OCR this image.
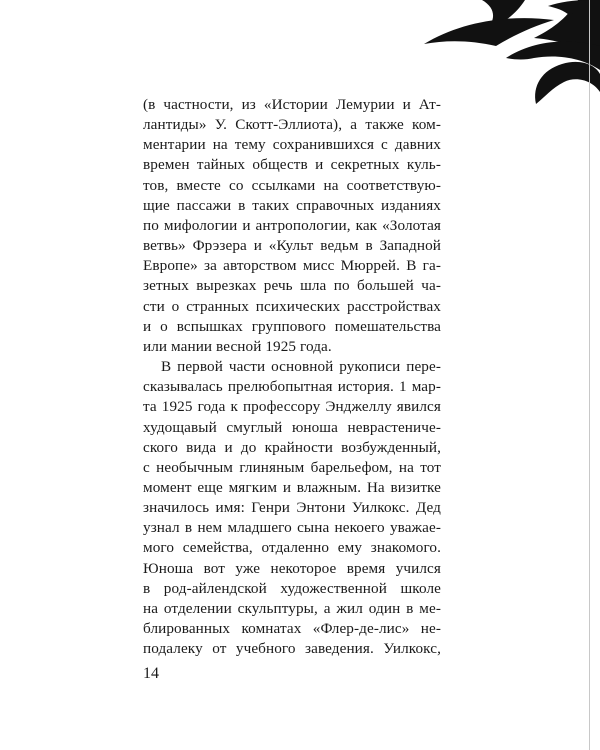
(в частности, из «Истории Лемурии и Ат-
лантиды» У. Скотт-Эллиота), а также ком-
ментарии на тему сохранившихся с давних
времен тайных обществ и секретных куль-
тов, вместе со ссылками на соответствую-
щие пассажи в таких справочных изданиях
по мифологии и антропологии, как «Золотая
ветвь» Фрэзера и «Культ ведьм в Западной
Европе» за авторством мисс Мюррей. В га-
зетных вырезках речь шла по большей ча-
сти о странных психических расстройствах
и о вспышках группового помешательства
или мании весной 1925 года.
В первой части основной рукописи пере-
сказывалась прелюбопытная история. 1 мар-
та 1925 года к профессору Энджеллу явился
худощавый смуглый юноша неврастениче-
ского вида и до крайности возбужденный,
с необычным глиняным барельефом, на тот
момент еще мягким и влажным. На визитке
значилось имя: Генри Энтони Уилкокс. Дед
узнал в нем младшего сына некоего уважае-
мого семейства, отдаленно ему знакомого.
Юноша вот уже некоторое время учился
в род-айлендской художественной школе
на отделении скульптуры, а жил один в ме-
блированных комнатах «Флер-де-лис» не-
подалеку от учебного заведения. Уилкокс,
14
